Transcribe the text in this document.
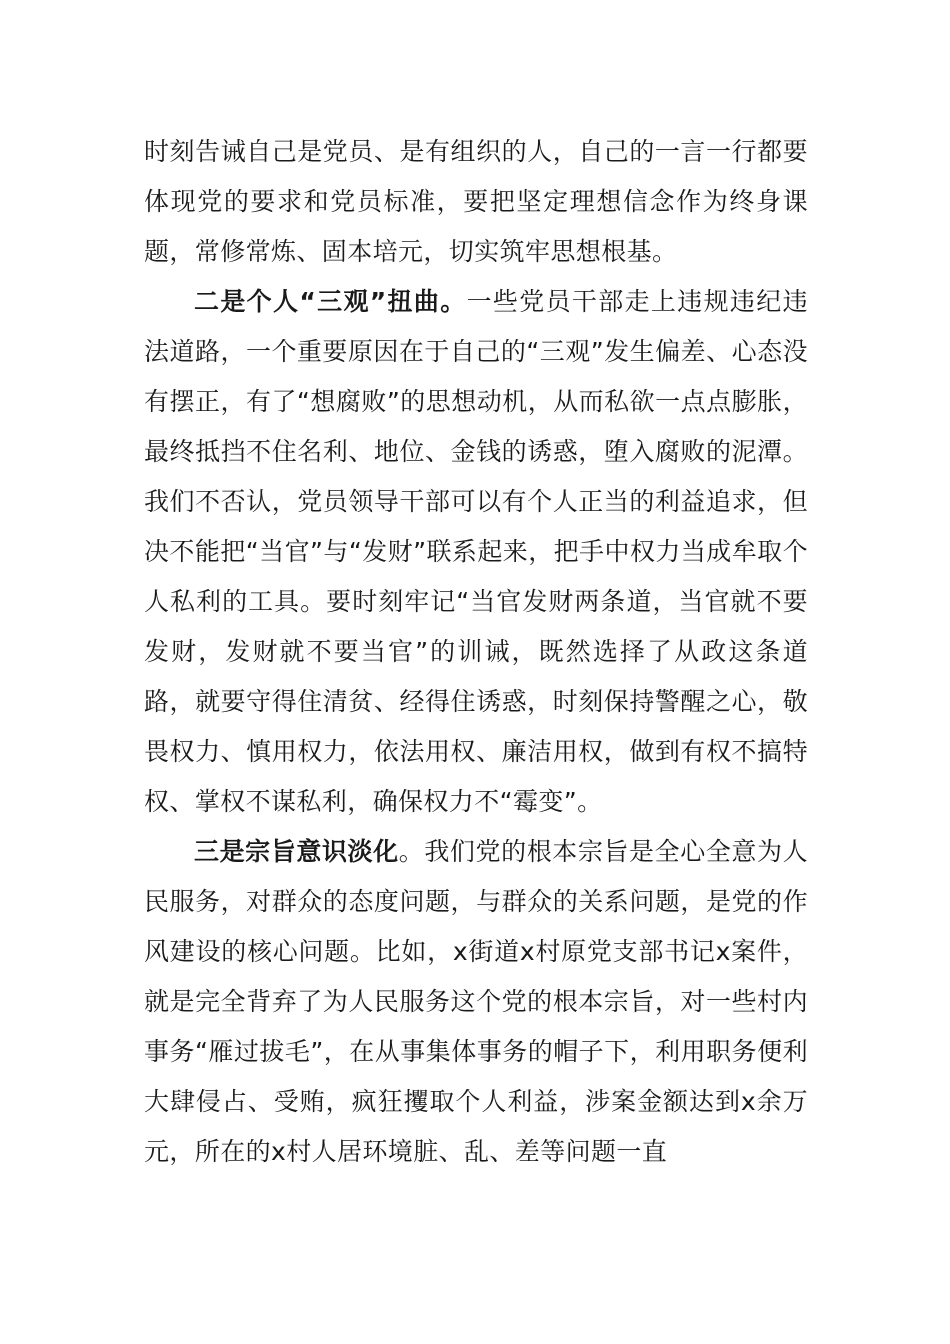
时刻告诫自己是党员、是有组织的人，自己的一言一行都要体现党的要求和党员标准，要把坚定理想信念作为终身课题，常修常炼、固本培元，切实筑牢思想根基。

二是个人“三观”扭曲。一些党员干部走上违规违纪违法道路，一个重要原因在于自己的“三观”发生偏差、心态没有摆正，有了“想腐败”的思想动机，从而私欲一点点膨胀，最终抵挡不住名利、地位、金钱的诱惑，堕入腐败的泥潭。我们不否认，党员领导干部可以有个人正当的利益追求，但决不能把“当官”与“发财”联系起来，把手中权力当成牟取个人私利的工具。要时刻牢记“当官发财两条道，当官就不要发财，发财就不要当官”的训诫，既然选择了从政这条道路，就要守得住清贫、经得住诱惑，时刻保持警醒之心，敬畏权力、慎用权力，依法用权、廉洁用权，做到有权不搞特权、掌权不谋私利，确保权力不“霉变”。

三是宗旨意识淡化。我们党的根本宗旨是全心全意为人民服务，对群众的态度问题，与群众的关系问题，是党的作风建设的核心问题。比如，x街道x村原党支部书记x案件，就是完全背弃了为人民服务这个党的根本宗旨，对一些村内事务“雁过拔毛”，在从事集体事务的帽子下，利用职务便利大肆侵占、受贿，疯狂攫取个人利益，涉案金额达到x余万元，所在的x村人居环境脏、乱、差等问题一直
